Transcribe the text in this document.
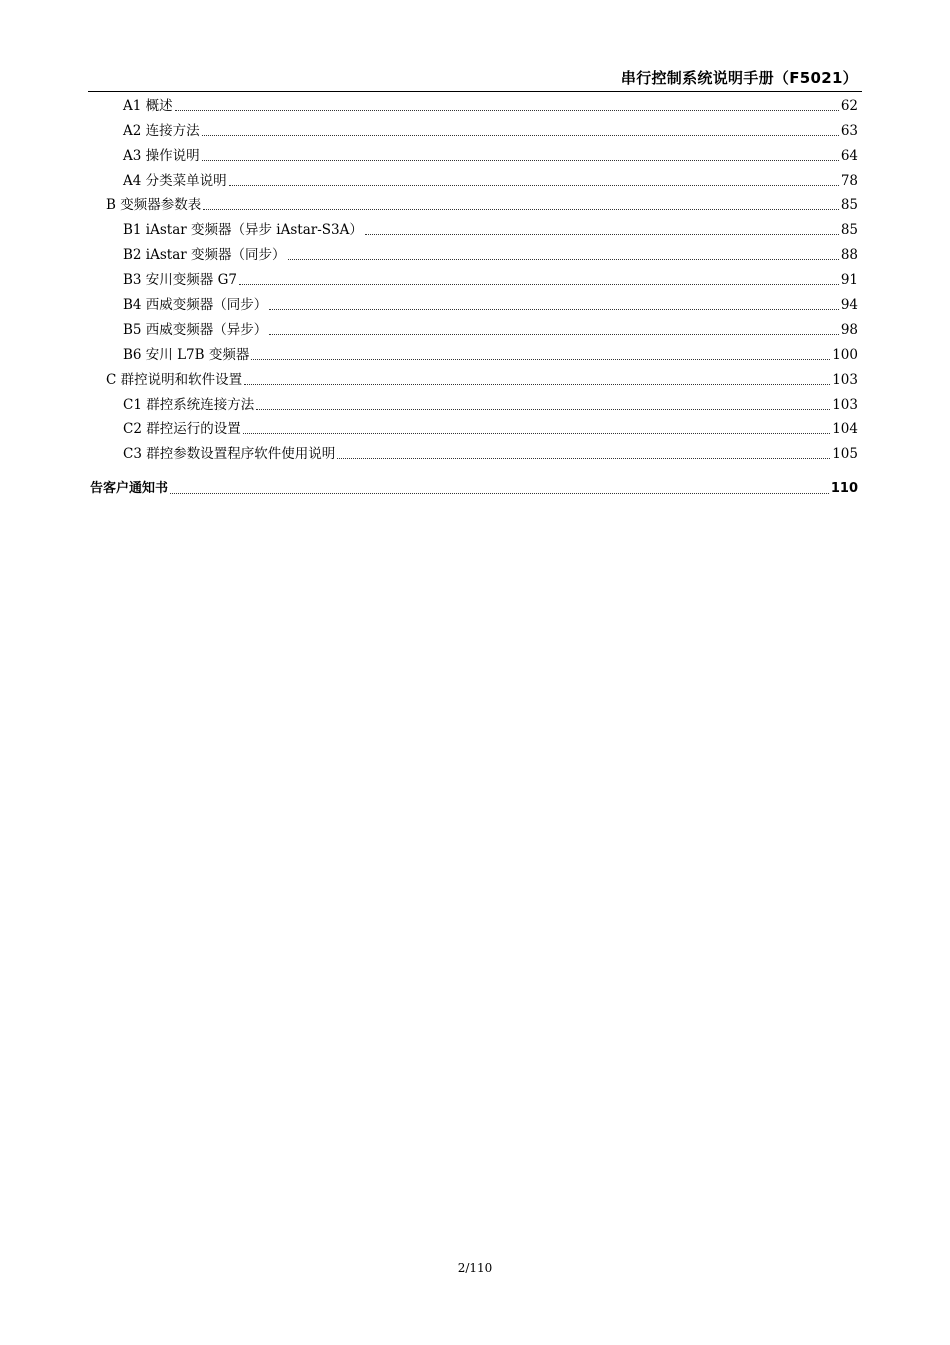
串行控制系统说明手册（F5021）
A1 概述	62
A2 连接方法	63
A3 操作说明	64
A4 分类菜单说明	78
B 变频器参数表	85
B1 iAstar 变频器（异步 iAstar-S3A）	85
B2 iAstar 变频器（同步）	88
B3 安川变频器 G7	91
B4 西威变频器（同步）	94
B5 西威变频器（异步）	98
B6 安川 L7B 变频器	100
C 群控说明和软件设置	103
C1 群控系统连接方法	103
C2 群控运行的设置	104
C3 群控参数设置程序软件使用说明	105
告客户通知书	110
2/110
